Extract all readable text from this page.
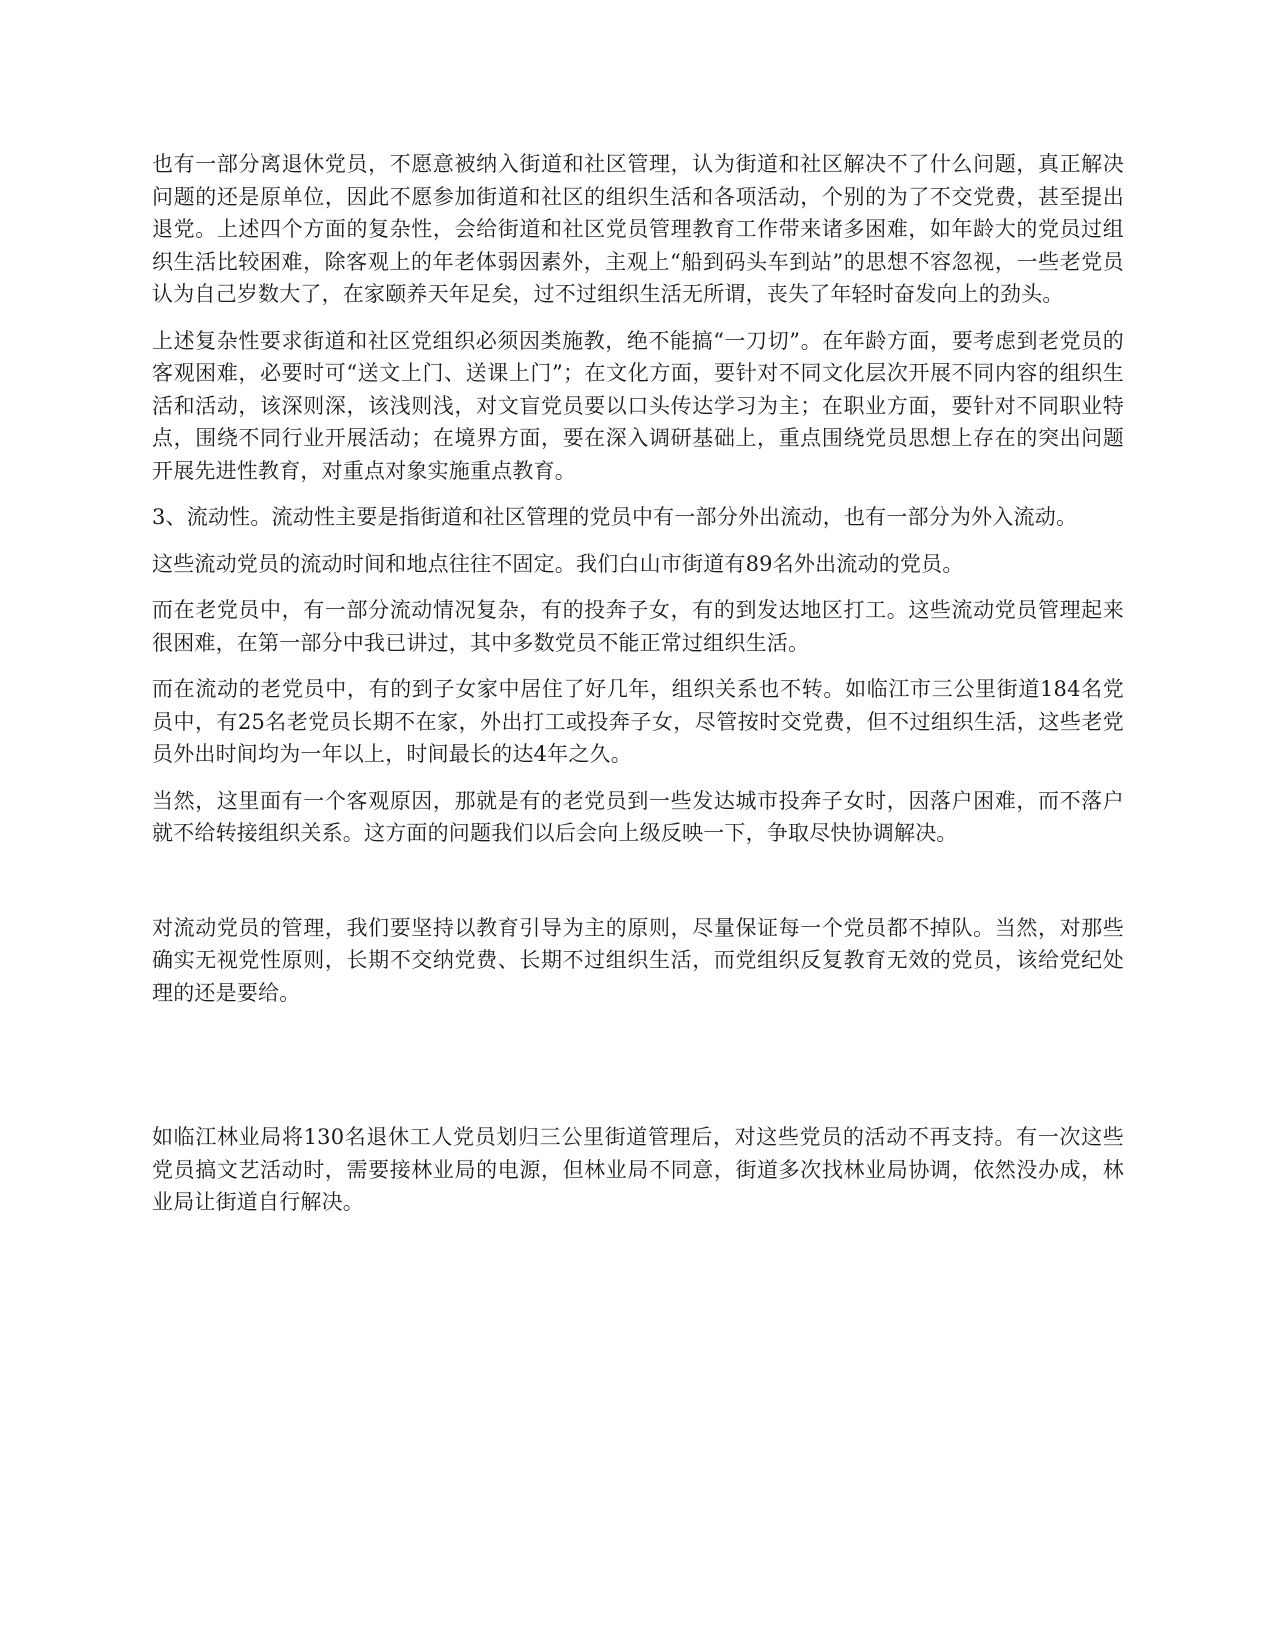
也有一部分离退休党员，不愿意被纳入街道和社区管理，认为街道和社区解决不了什么问题，真正解决问题的还是原单位，因此不愿参加街道和社区的组织生活和各项活动，个别的为了不交党费，甚至提出退党。上述四个方面的复杂性，会给街道和社区党员管理教育工作带来诸多困难，如年龄大的党员过组织生活比较困难，除客观上的年老体弱因素外，主观上“船到码头车到站”的思想不容忽视，一些老党员认为自己岁数大了，在家颐养天年足矣，过不过组织生活无所谓，丧失了年轻时奋发向上的劲头。

上述复杂性要求街道和社区党组织必须因类施教，绝不能搞“一刀切”。在年龄方面，要考虑到老党员的客观困难，必要时可“送文上门、送课上门”；在文化方面，要针对不同文化层次开展不同内容的组织生活和活动，该深则深，该浅则浅，对文盲党员要以口头传达学习为主；在职业方面，要针对不同职业特点，围绕不同行业开展活动；在境界方面，要在深入调研基础上，重点围绕党员思想上存在的突出问题开展先进性教育，对重点对象实施重点教育。

3、流动性。流动性主要是指街道和社区管理的党员中有一部分外出流动，也有一部分为外入流动。

这些流动党员的流动时间和地点往往不固定。我们白山市街道有89名外出流动的党员。

而在老党员中，有一部分流动情况复杂，有的投奔子女，有的到发达地区打工。这些流动党员管理起来很困难，在第一部分中我已讲过，其中多数党员不能正常过组织生活。

而在流动的老党员中，有的到子女家中居住了好几年，组织关系也不转。如临江市三公里街道184名党员中，有25名老党员长期不在家，外出打工或投奔子女，尽管按时交党费，但不过组织生活，这些老党员外出时间均为一年以上，时间最长的达4年之久。

当然，这里面有一个客观原因，那就是有的老党员到一些发达城市投奔子女时，因落户困难，而不落户就不给转接组织关系。这方面的问题我们以后会向上级反映一下，争取尽快协调解决。

对流动党员的管理，我们要坚持以教育引导为主的原则，尽量保证每一个党员都不掉队。当然，对那些确实无视党性原则，长期不交纳党费、长期不过组织生活，而党组织反复教育无效的党员，该给党纪处理的还是要给。

如临江林业局将130名退休工人党员划归三公里街道管理后，对这些党员的活动不再支持。有一次这些党员搞文艺活动时，需要接林业局的电源，但林业局不同意，街道多次找林业局协调，依然没办成，林业局让街道自行解决。
